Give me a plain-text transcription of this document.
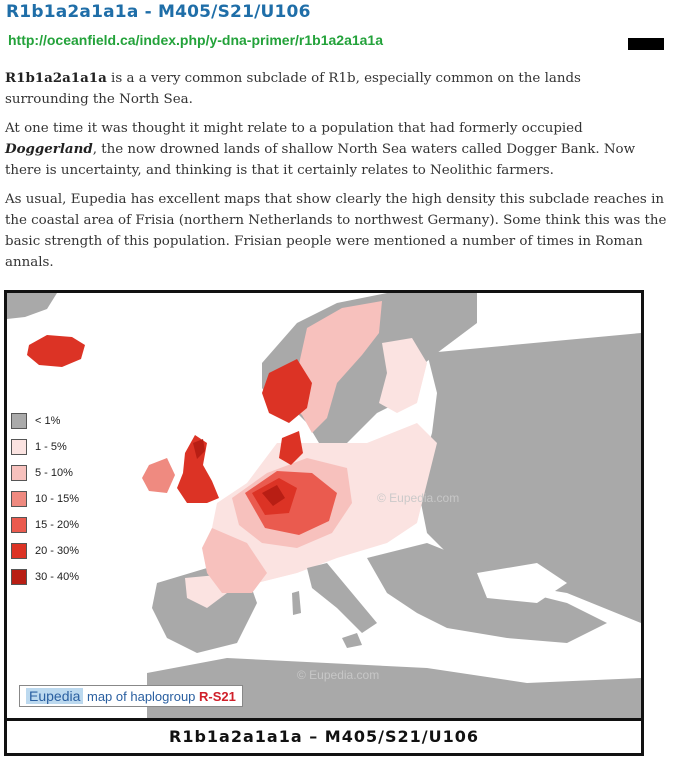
R1b1a2a1a1a - M405/S21/U106
http://oceanfield.ca/index.php/y-dna-primer/r1b1a2a1a1a

R1b1a2a1a1a is a a very common subclade of R1b, especially common on the lands surrounding the North Sea.

At one time it was thought it might relate to a population that had formerly occupied Doggerland, the now drowned lands of shallow North Sea waters called Dogger Bank. Now there is uncertainty, and thinking is that it certainly relates to Neolithic farmers.

As usual, Eupedia has excellent maps that show clearly the high density this subclade reaches in the coastal area of Frisia (northern Netherlands to northwest Germany). Some think this was the basic strength of this population. Frisian people were mentioned a number of times in Roman annals.

< 1%
1 - 5%
5 - 10%
10 - 15%
15 - 20%
20 - 30%
30 - 40%
© Eupedia.com
© Eupedia.com
Eupedia map of haplogroup R-S21
R1b1a2a1a1a – M405/S21/U106
